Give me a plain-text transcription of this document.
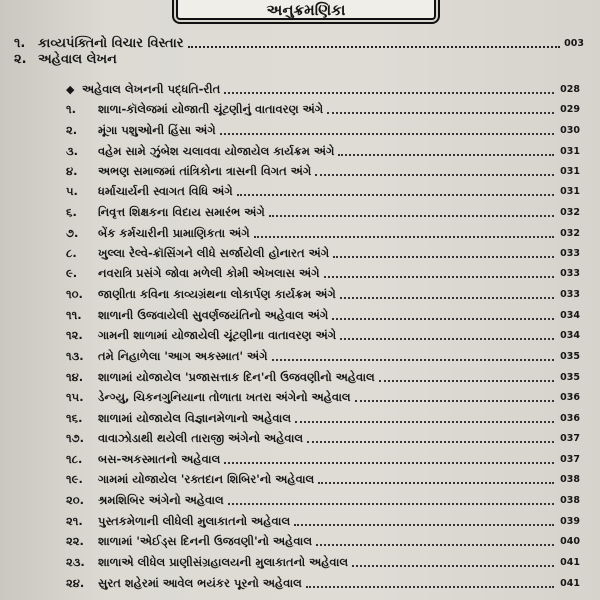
અનુક્રમણિકા
૧. કાવ્યપંક્તિનો વિચાર વિસ્તાર	003
૨. અહેવાલ લેખન
◆ અહેવાલ લેખનની પદ્ધતિ-રીત	028
૧.	શાળા-કૉલેજમાં યોજાતી ચૂંટણીનું વાતાવરણ અંગે	029
૨.	મૂંગા પશુઓની હિંસા અંગે	030
૩.	વહેમ સામે ઝુંબેશ ચલાવવા યોજાયેલ કાર્યક્રમ અંગે	031
૪.	અભણ સમાજમાં તાંત્રિકોના ત્રાસની વિગત અંગે	031
૫.	ધર્માચાર્યની સ્વાગત વિધિ અંગે	031
૬.	નિવૃત્ત શિક્ષકના વિદાય સમારંભ અંગે	032
૭.	બેંક કર્મચારીની પ્રામાણિકતા અંગે	032
૮.	ખુલ્લા રેલ્વે-ક્રૉસિંગને લીધે સર્જાયેલી હોનારત અંગે	033
૯.	નવરાત્રિ પ્રસંગે જોવા મળેલી કોમી એખલાસ અંગે	033
૧૦.	જાણીતા કવિના કાવ્યગ્રંથના લોકાર્પણ કાર્યક્રમ અંગે	033
૧૧.	શાળાની ઉજવાયેલી સુવર્ણજયંતિનો અહેવાલ અંગે	034
૧૨.	ગામની શાળામાં યોજાયેલી ચૂંટણીના વાતાવરણ અંગે	034
૧૩.	તમે નિહાળેલા 'આગ અકસ્માત' અંગે	035
૧૪.	શાળામાં યોજાયેલ 'પ્રજાસત્તાક દિન'ની ઉજવણીનો અહેવાલ	035
૧૫.	ડેન્ગ્યુ, ચિકનગુનિયાના તોળાતા ખતરા અંગેનો અહેવાલ	036
૧૬.	શાળામાં યોજાયેલ વિજ્ઞાનમેળાનો અહેવાલ	036
૧૭.	વાવાઝોડાથી થયેલી તારાજી અંગેનો અહેવાલ	037
૧૮.	બસ-અકસ્માતનો અહેવાલ	037
૧૯.	ગામમાં યોજાયેલ 'રક્તદાન શિબિર'નો અહેવાલ	038
૨૦.	શ્રમશિબિર અંગેનો અહેવાલ	038
૨૧.	પુસ્તકમેળાની લીધેલી મુલાકાતનો અહેવાલ	039
૨૨.	શાળામાં 'એઈડ્સ દિનની ઉજવણી'નો અહેવાલ	040
૨૩.	શાળાએ લીધેલ પ્રાણીસંગ્રહાલયની મુલાકાતનો અહેવાલ	041
૨૪.	સુરત શહેરમાં આવેલ ભયંકર પૂરનો અહેવાલ	041
